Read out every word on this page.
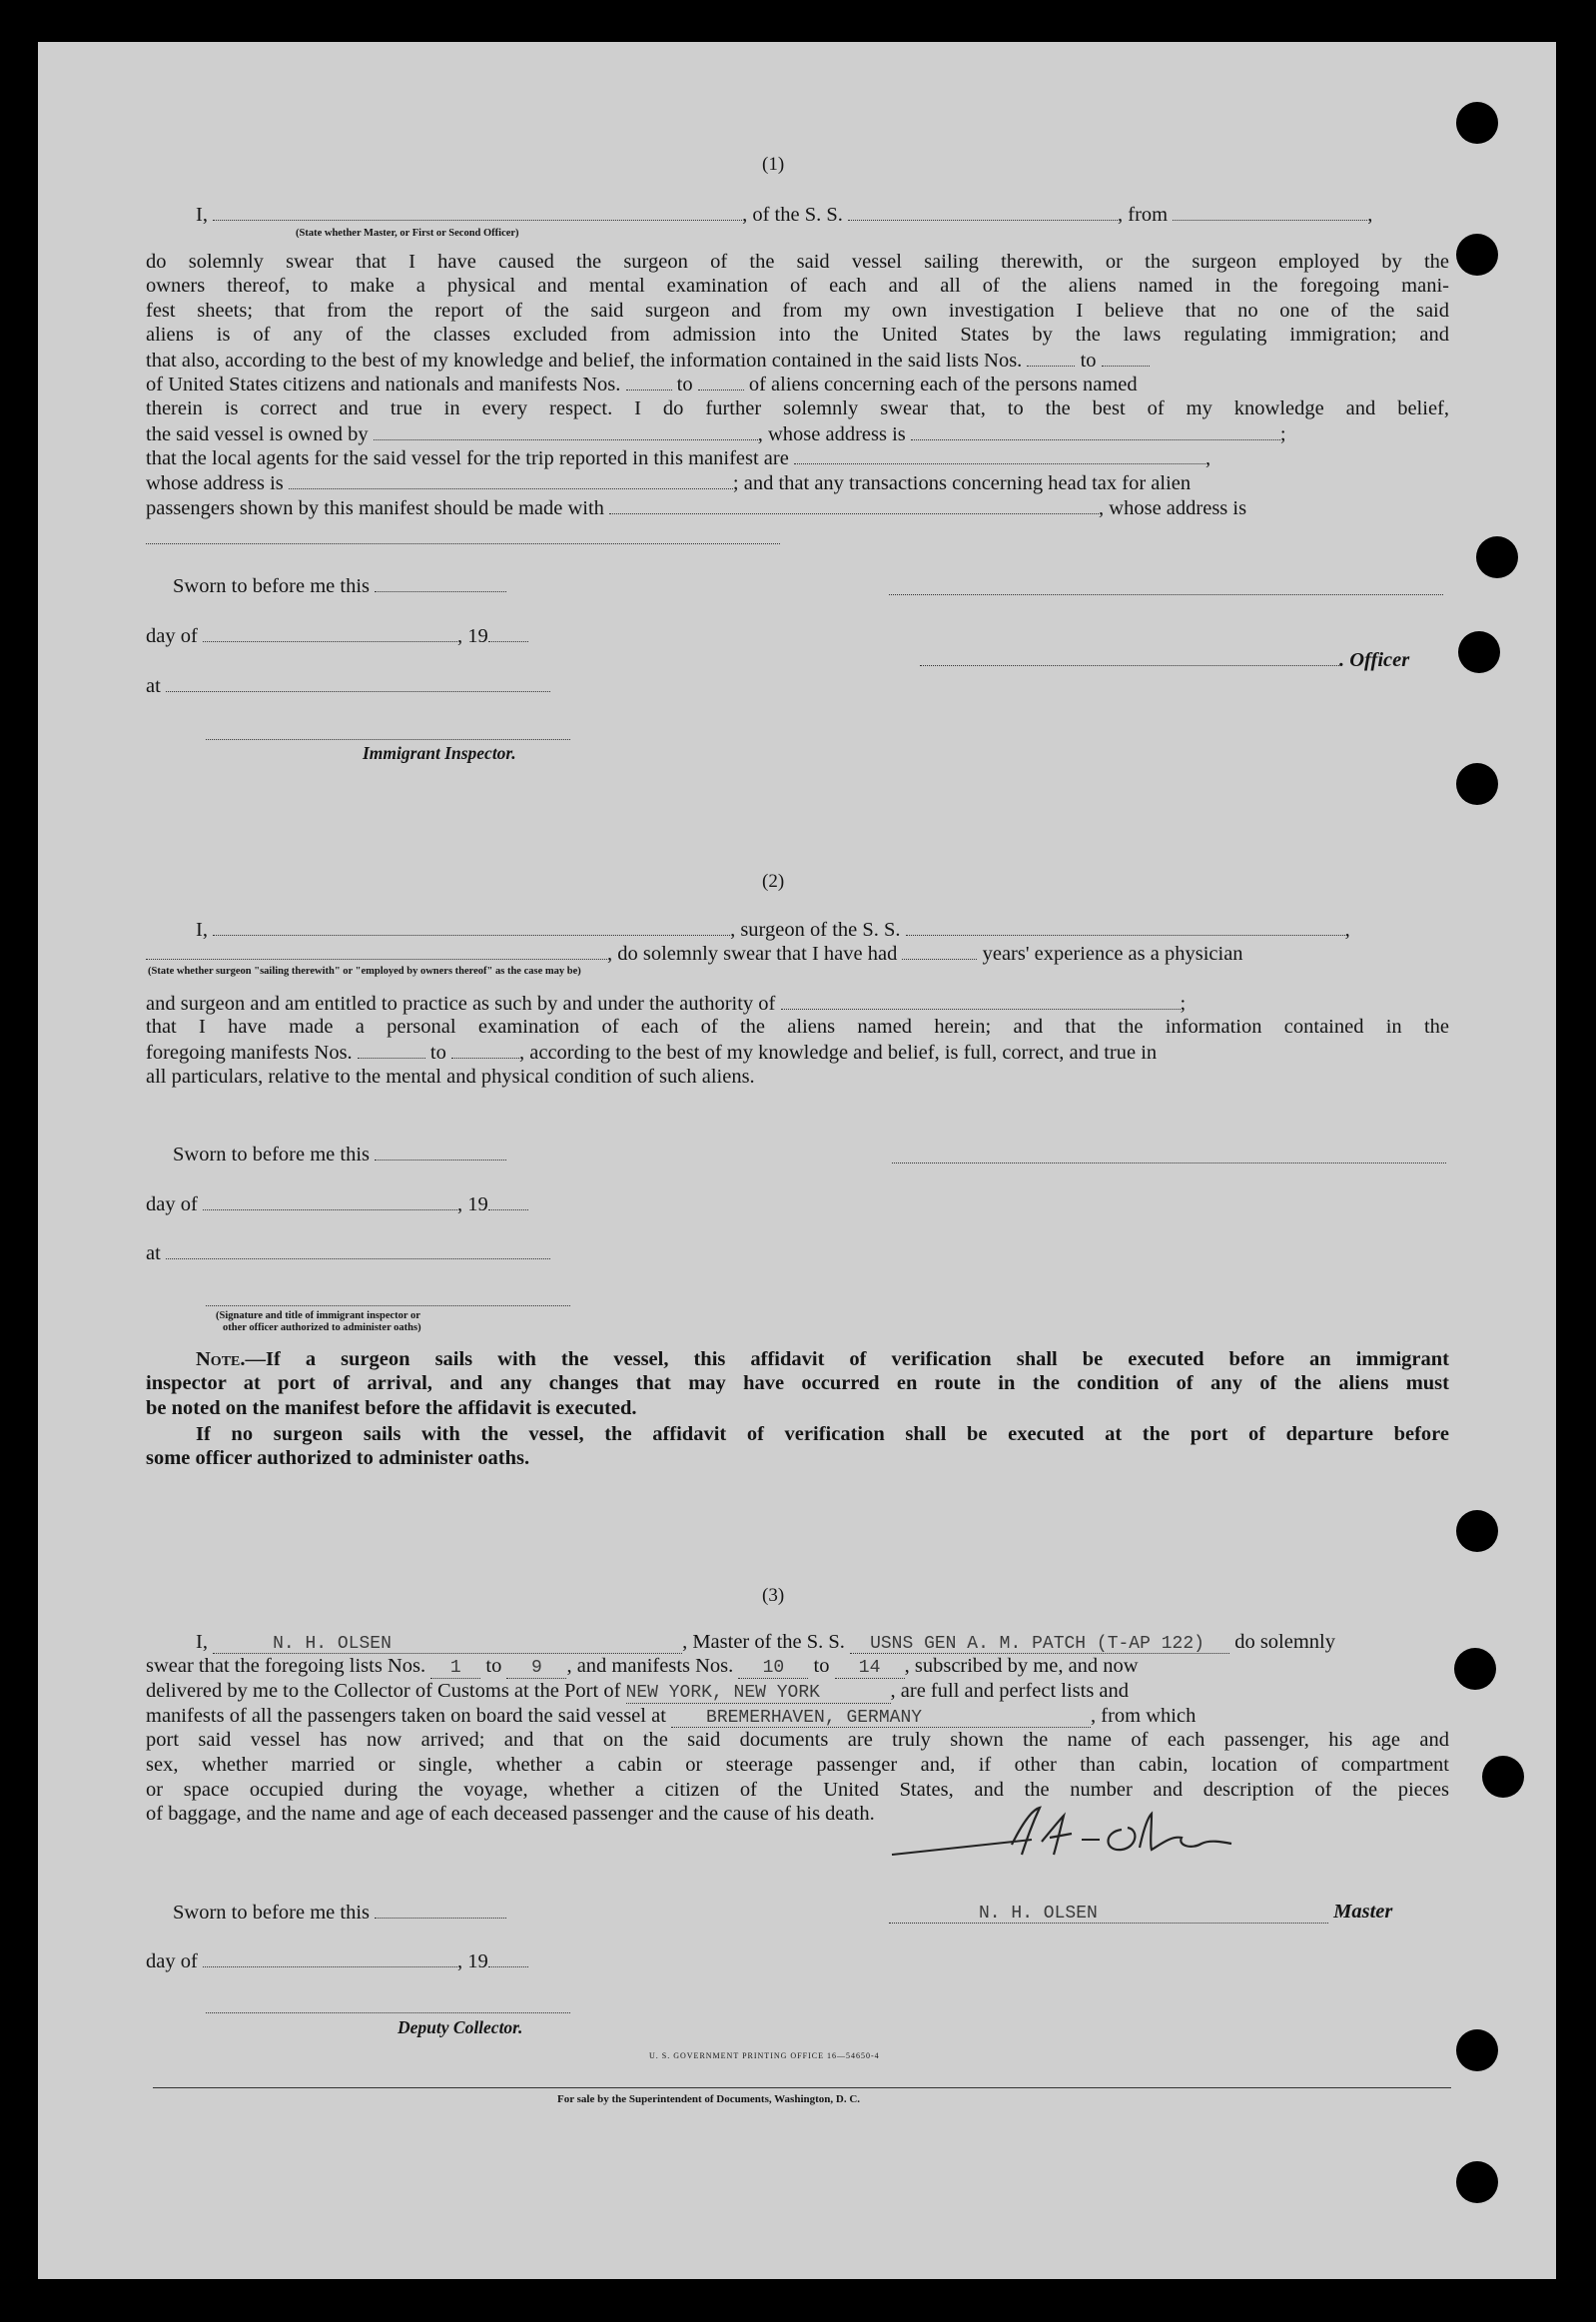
(1)
I,	, of the S. S.	, from	,
(State whether Master, or First or Second Officer)
do solemnly swear that I have caused the surgeon of the said vessel sailing therewith, or the surgeon employed by the
owners thereof, to make a physical and mental examination of each and all of the aliens named in the foregoing mani-
fest sheets; that from the report of the said surgeon and from my own investigation I believe that no one of the said
aliens is of any of the classes excluded from admission into the United States by the laws regulating immigration; and
that also, according to the best of my knowledge and belief, the information contained in the said lists Nos.	to
of United States citizens and nationals and manifests Nos.	to	of aliens concerning each of the persons named
therein is correct and true in every respect. I do further solemnly swear that, to the best of my knowledge and belief,
the said vessel is owned by	, whose address is	;
that the local agents for the said vessel for the trip reported in this manifest are	,
whose address is	; and that any transactions concerning head tax for alien
passengers shown by this manifest should be made with	, whose address is
Sworn to before me this
day of	, 19
. Officer
at
Immigrant Inspector.
(2)
I,	, surgeon of the S. S.	,
, do solemnly swear that I have had	years' experience as a physician
(State whether surgeon "sailing therewith" or "employed by owners thereof" as the case may be)
and surgeon and am entitled to practice as such by and under the authority of	;
that I have made a personal examination of each of the aliens named herein; and that the information contained in the
foregoing manifests Nos.	to	, according to the best of my knowledge and belief, is full, correct, and true in
all particulars, relative to the mental and physical condition of such aliens.
Sworn to before me this
day of	, 19
at
(Signature and title of immigrant inspector or
other officer authorized to administer oaths)
Note.—If a surgeon sails with the vessel, this affidavit of verification shall be executed before an immigrant
inspector at port of arrival, and any changes that may have occurred en route in the condition of any of the aliens must
be noted on the manifest before the affidavit is executed.
If no surgeon sails with the vessel, the affidavit of verification shall be executed at the port of departure before
some officer authorized to administer oaths.
(3)
I,	N. H. OLSEN	, Master of the S. S. USNS GEN A. M. PATCH (T-AP 122) do solemnly
swear that the foregoing lists Nos. 1 to 9 , and manifests Nos. 10 to 14 , subscribed by me, and now
delivered by me to the Collector of Customs at the Port of NEW YORK, NEW YORK	, are full and perfect lists and
manifests of all the passengers taken on board the said vessel at BREMERHAVEN, GERMANY	, from which
port said vessel has now arrived; and that on the said documents are truly shown the name of each passenger, his age and
sex, whether married or single, whether a cabin or steerage passenger and, if other than cabin, location of compartment
or space occupied during the voyage, whether a citizen of the United States, and the number and description of the pieces
of baggage, and the name and age of each deceased passenger and the cause of his death.
Sworn to before me this	N. H. OLSEN	Master
day of	, 19
Deputy Collector.
U. S. GOVERNMENT PRINTING OFFICE 16—54650-4
For sale by the Superintendent of Documents, Washington, D. C.
